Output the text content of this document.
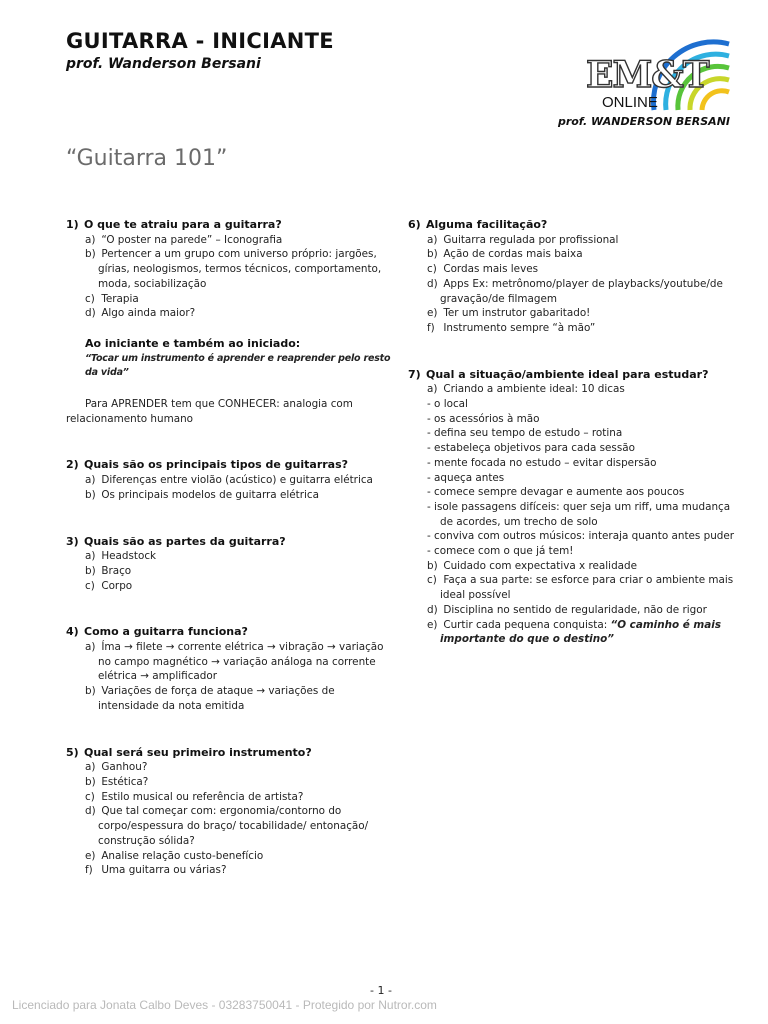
GUITARRA - INICIANTE
prof. Wanderson Bersani	EM&T
ONLINE
prof. WANDERSON BERSANI
“Guitarra 101”

1) O que te atraiu para a guitarra?

a) “O poster na parede” – Iconografia
b) Pertencer a um grupo com universo próprio: jargões, gírias, neologismos, termos técnicos, comportamento, moda, sociabilização
c) Terapia
d) Algo ainda maior?

Ao iniciante e também ao iniciado:

“Tocar um instrumento é aprender e reaprender pelo resto da vida”

Para APRENDER tem que CONHECER: analogia com relacionamento humano

2) Quais são os principais tipos de guitarras?

a) Diferenças entre violão (acústico) e guitarra elétrica
b) Os principais modelos de guitarra elétrica

3) Quais são as partes da guitarra?

a) Headstock
b) Braço
c) Corpo

4) Como a guitarra funciona?

a) Íma → filete → corrente elétrica → vibração → variação no campo magnético → variação análoga na corrente elétrica → amplificador
b) Variações de força de ataque → variações de intensidade da nota emitida

5) Qual será seu primeiro instrumento?

a) Ganhou?
b) Estética?
c) Estilo musical ou referência de artista?
d) Que tal começar com: ergonomia/contorno do corpo/espessura do braço/ tocabilidade/ entonação/ construção sólida?
e) Analise relação custo-benefício
f) Uma guitarra ou várias?

6) Alguma facilitação?

a) Guitarra regulada por profissional
b) Ação de cordas mais baixa
c) Cordas mais leves
d) Apps Ex: metrônomo/player de playbacks/youtube/de gravação/de filmagem
e) Ter um instrutor gabaritado!
f) Instrumento sempre “à mão”

7) Qual a situação/ambiente ideal para estudar?

a) Criando a ambiente ideal: 10 dicas
- o local
- os acessórios à mão
- defina seu tempo de estudo – rotina
- estabeleça objetivos para cada sessão
- mente focada no estudo – evitar dispersão
- aqueça antes
- comece sempre devagar e aumente aos poucos
- isole passagens difíceis: quer seja um riff, uma mudança de acordes, um trecho de solo
- conviva com outros músicos: interaja quanto antes puder
- comece com o que já tem!
b) Cuidado com expectativa x realidade
c) Faça a sua parte: se esforce para criar o ambiente mais ideal possível
d) Disciplina no sentido de regularidade, não de rigor
e) Curtir cada pequena conquista: “O caminho é mais importante do que o destino”
- 1 -
Licenciado para Jonata Calbo Deves - 03283750041 - Protegido por Nutror.com
